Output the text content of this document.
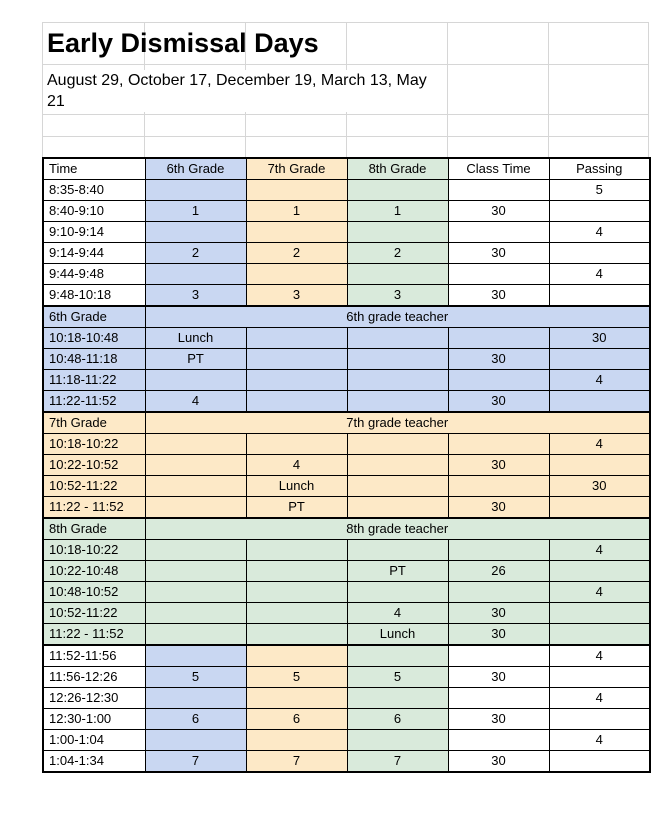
Early Dismissal Days
August 29, October 17, December 19, March 13, May 21
Time	6th Grade	7th Grade	8th Grade	Class Time	Passing
8:35-8:40					5
8:40-9:10	1	1	1	30	
9:10-9:14					4
9:14-9:44	2	2	2	30	
9:44-9:48					4
9:48-10:18	3	3	3	30	
6th Grade	6th grade teacher				
10:18-10:48	Lunch				30
10:48-11:18	PT			30	
11:18-11:22					4
11:22-11:52	4			30	
7th Grade	7th grade teacher				
10:18-10:22					4
10:22-10:52		4		30	
10:52-11:22		Lunch			30
11:22 - 11:52		PT		30	
8th Grade	8th grade teacher				
10:18-10:22					4
10:22-10:48			PT	26	
10:48-10:52					4
10:52-11:22			4	30	
11:22 - 11:52			Lunch	30	
11:52-11:56					4
11:56-12:26	5	5	5	30	
12:26-12:30					4
12:30-1:00	6	6	6	30	
1:00-1:04					4
1:04-1:34	7	7	7	30	
